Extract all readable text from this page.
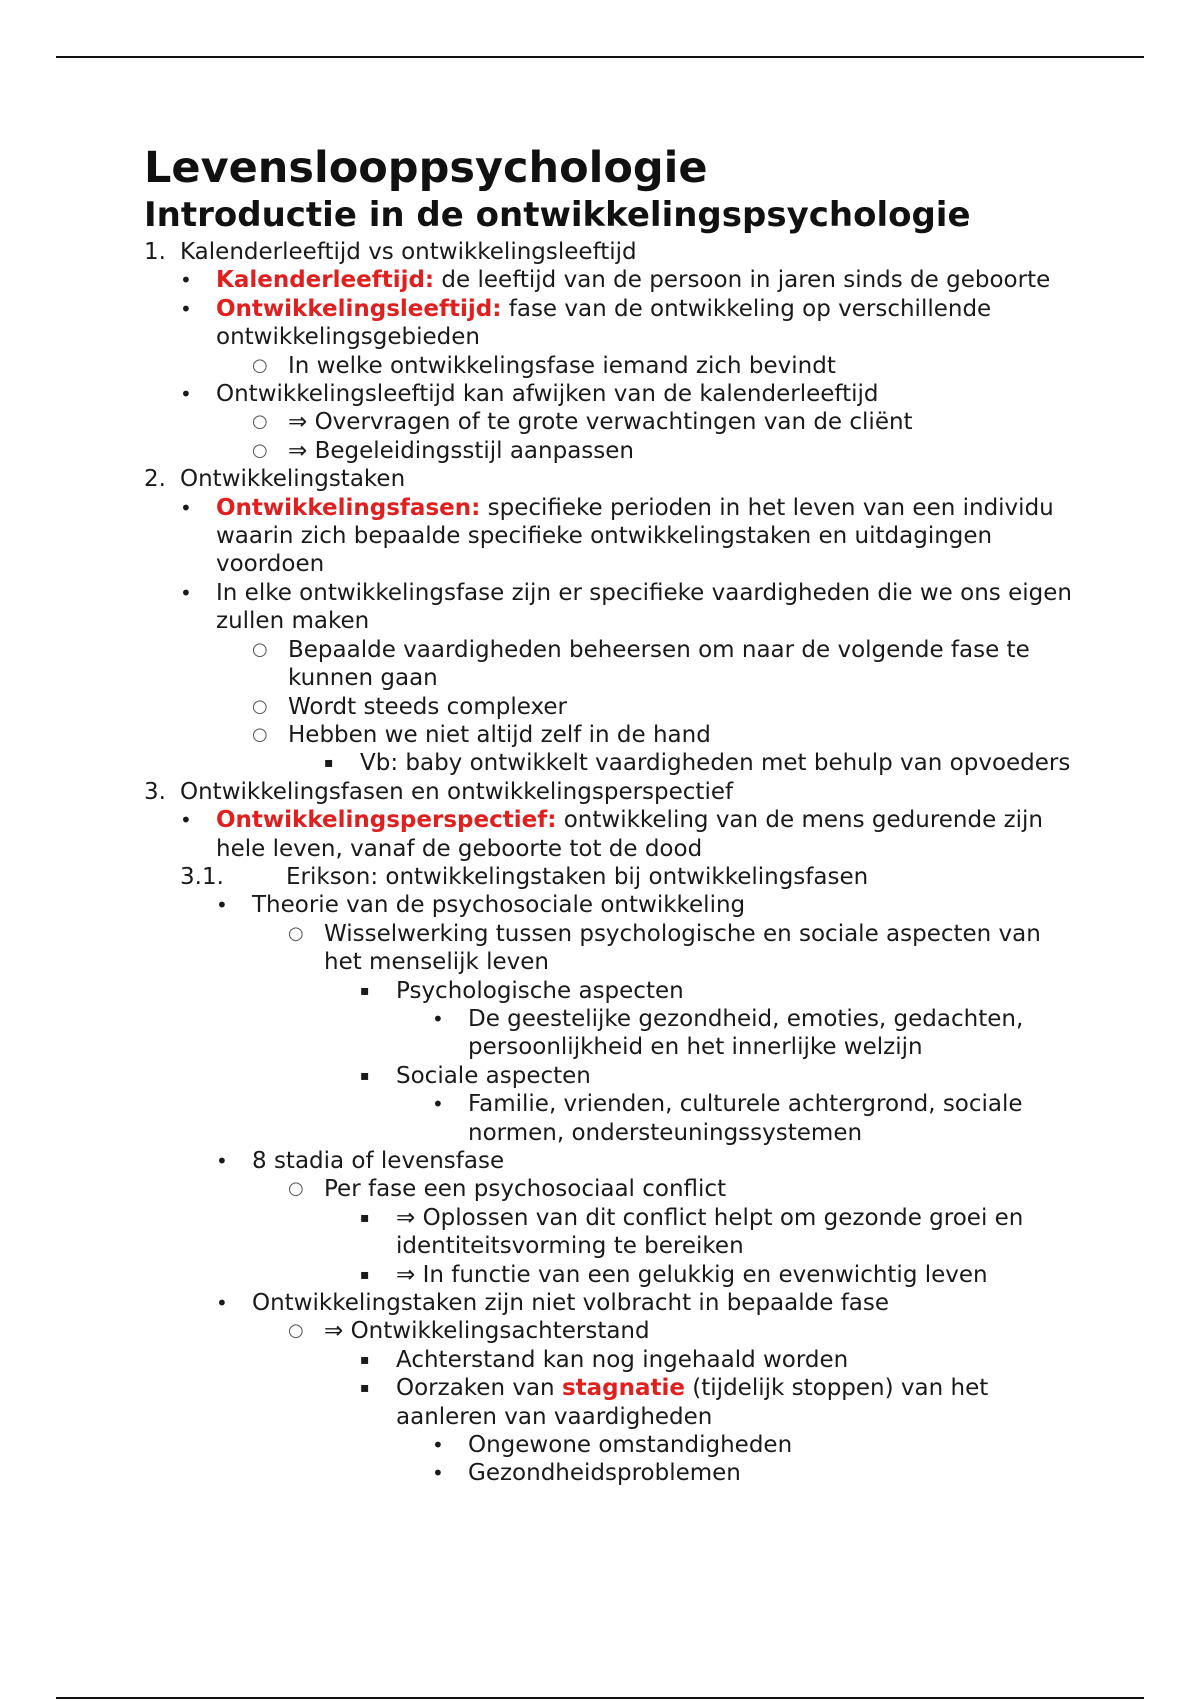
Levenslooppsychologie
Introductie in de ontwikkelingspsychologie
1. Kalenderleeftijd vs ontwikkelingsleeftijd
• Kalenderleeftijd: de leeftijd van de persoon in jaren sinds de geboorte
• Ontwikkelingsleeftijd: fase van de ontwikkeling op verschillende ontwikkelingsgebieden
○ In welke ontwikkelingsfase iemand zich bevindt
• Ontwikkelingsleeftijd kan afwijken van de kalenderleeftijd
○ ⇒ Overvragen of te grote verwachtingen van de cliënt
○ ⇒ Begeleidingsstijl aanpassen
2. Ontwikkelingstaken
• Ontwikkelingsfasen: specifieke perioden in het leven van een individu waarin zich bepaalde specifieke ontwikkelingstaken en uitdagingen voordoen
• In elke ontwikkelingsfase zijn er specifieke vaardigheden die we ons eigen zullen maken
○ Bepaalde vaardigheden beheersen om naar de volgende fase te kunnen gaan
○ Wordt steeds complexer
○ Hebben we niet altijd zelf in de hand
▪ Vb: baby ontwikkelt vaardigheden met behulp van opvoeders
3. Ontwikkelingsfasen en ontwikkelingsperspectief
• Ontwikkelingsperspectief: ontwikkeling van de mens gedurende zijn hele leven, vanaf de geboorte tot de dood
3.1.	Erikson: ontwikkelingstaken bij ontwikkelingsfasen
• Theorie van de psychosociale ontwikkeling
○ Wisselwerking tussen psychologische en sociale aspecten van het menselijk leven
▪ Psychologische aspecten
• De geestelijke gezondheid, emoties, gedachten, persoonlijkheid en het innerlijke welzijn
▪ Sociale aspecten
• Familie, vrienden, culturele achtergrond, sociale normen, ondersteuningssystemen
• 8 stadia of levensfase
○ Per fase een psychosociaal conflict
▪ ⇒ Oplossen van dit conflict helpt om gezonde groei en identiteitsvorming te bereiken
▪ ⇒ In functie van een gelukkig en evenwichtig leven
• Ontwikkelingstaken zijn niet volbracht in bepaalde fase
○ ⇒ Ontwikkelingsachterstand
▪ Achterstand kan nog ingehaald worden
▪ Oorzaken van stagnatie (tijdelijk stoppen) van het aanleren van vaardigheden
• Ongewone omstandigheden
• Gezondheidsproblemen
